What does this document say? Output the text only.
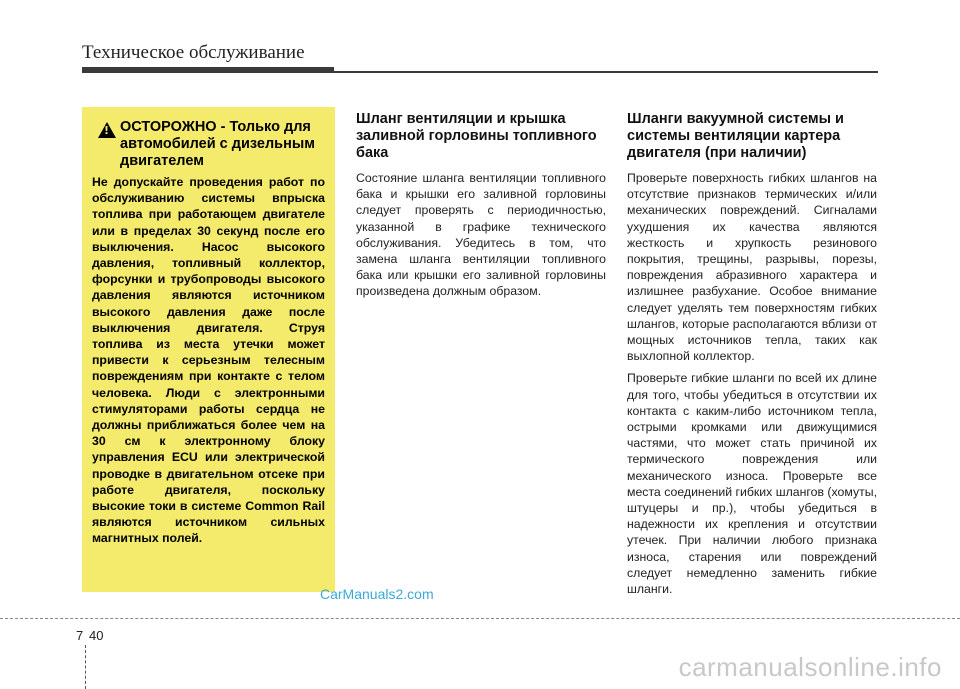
Техническое обслуживание
!
ОСТОРОЖНО - Только для автомобилей с дизельным двигателем
Не допускайте проведения работ по обслуживанию системы впрыска топлива при работающем двигателе или в пределах 30 секунд после его выключения. Насос высокого давления, топливный коллектор, форсунки и трубопроводы высокого давления являются источником высокого давления даже после выключения двигателя. Струя топлива из места утечки может привести к серьезным телесным повреждениям при контакте с телом человека. Люди с электронными стимуляторами работы сердца не должны приближаться более чем на 30 см к электронному блоку управления ECU или электрической проводке в двигательном отсеке при работе двигателя, поскольку высокие токи в системе Common Rail являются источником сильных магнитных полей.
Шланг вентиляции и крышка заливной горловины топливного бака

Состояние шланга вентиляции топливного бака и крышки его заливной горловины следует проверять с периодичностью, указанной в графике технического обслуживания. Убедитесь в том, что замена шланга вентиляции топливного бака или крышки его заливной горловины произведена должным образом.

Шланги вакуумной системы и системы вентиляции картера двигателя (при наличии)

Проверьте поверхность гибких шлангов на отсутствие признаков термических и/или механических повреждений. Сигналами ухудшения их качества являются жесткость и хрупкость резинового покрытия, трещины, разрывы, порезы, повреждения абразивного характера и излишнее разбухание. Особое внимание следует уделять тем поверхностям гибких шлангов, которые располагаются вблизи от мощных источников тепла, таких как выхлопной коллектор.

Проверьте гибкие шланги по всей их длине для того, чтобы убедиться в отсутствии их контакта с каким-либо источником тепла, острыми кромками или движущимися частями, что может стать причиной их термического повреждения или механического износа. Проверьте все места соединений гибких шлангов (хомуты, штуцеры и пр.), чтобы убедиться в надежности их крепления и отсутствии утечек. При наличии любого признака износа, старения или повреждений следует немедленно заменить гибкие шланги.

CarManuals2.com
7 40
carmanualsonline.info
